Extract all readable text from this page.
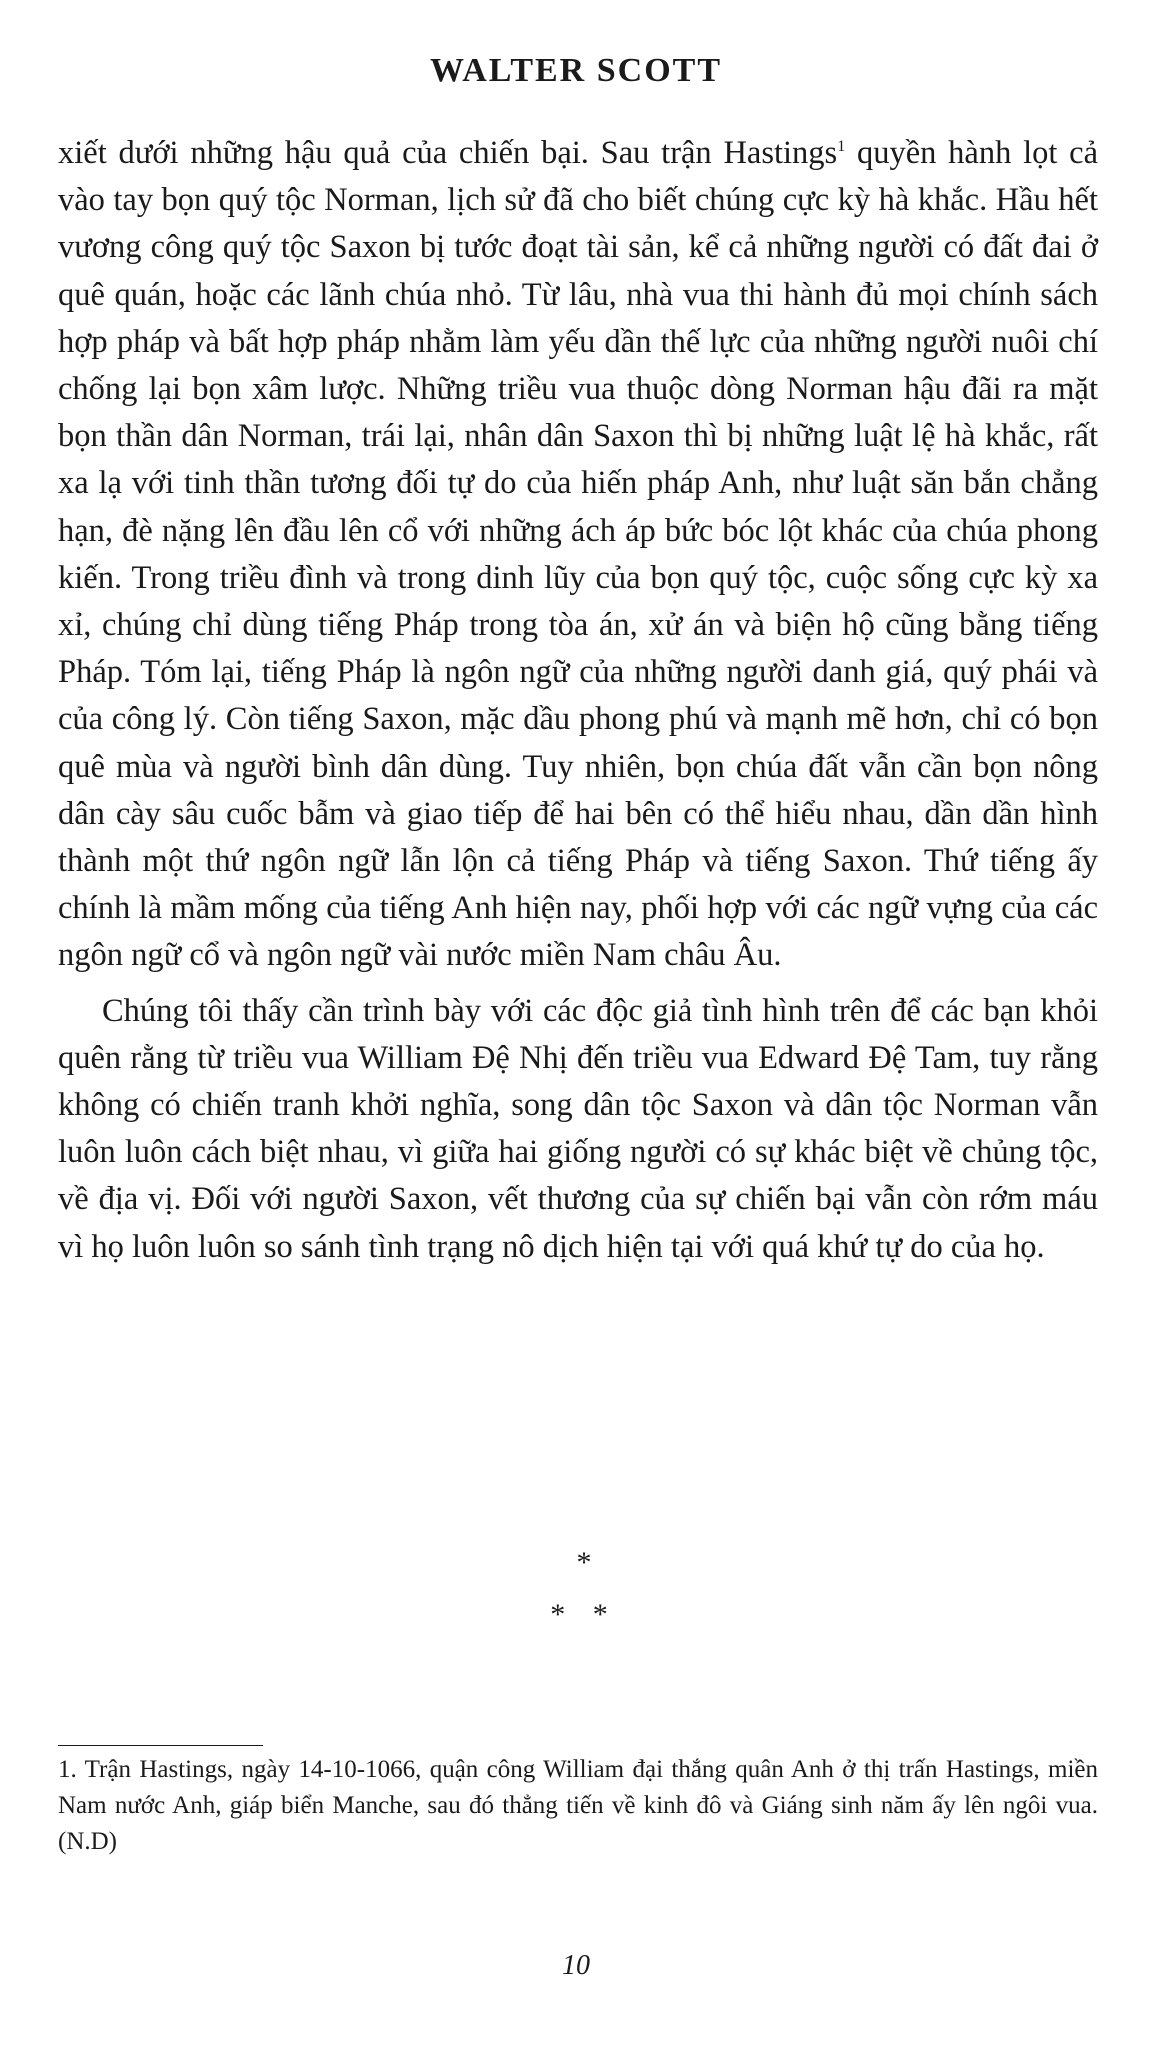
WALTER SCOTT

xiết dưới những hậu quả của chiến bại. Sau trận Hastings$^1$ quyền hành lọt cả vào tay bọn quý tộc Norman, lịch sử đã cho biết chúng cực kỳ hà khắc. Hầu hết vương công quý tộc Saxon bị tước đoạt tài sản, kể cả những người có đất đai ở quê quán, hoặc các lãnh chúa nhỏ. Từ lâu, nhà vua thi hành đủ mọi chính sách hợp pháp và bất hợp pháp nhằm làm yếu dần thế lực của những người nuôi chí chống lại bọn xâm lược. Những triều vua thuộc dòng Norman hậu đãi ra mặt bọn thần dân Norman, trái lại, nhân dân Saxon thì bị những luật lệ hà khắc, rất xa lạ với tinh thần tương đối tự do của hiến pháp Anh, như luật săn bắn chẳng hạn, đè nặng lên đầu lên cổ với những ách áp bức bóc lột khác của chúa phong kiến. Trong triều đình và trong dinh lũy của bọn quý tộc, cuộc sống cực kỳ xa xỉ, chúng chỉ dùng tiếng Pháp trong tòa án, xử án và biện hộ cũng bằng tiếng Pháp. Tóm lại, tiếng Pháp là ngôn ngữ của những người danh giá, quý phái và của công lý. Còn tiếng Saxon, mặc dầu phong phú và mạnh mẽ hơn, chỉ có bọn quê mùa và người bình dân dùng. Tuy nhiên, bọn chúa đất vẫn cần bọn nông dân cày sâu cuốc bẫm và giao tiếp để hai bên có thể hiểu nhau, dần dần hình thành một thứ ngôn ngữ lẫn lộn cả tiếng Pháp và tiếng Saxon. Thứ tiếng ấy chính là mầm mống của tiếng Anh hiện nay, phối hợp với các ngữ vựng của các ngôn ngữ cổ và ngôn ngữ vài nước miền Nam châu Âu.

Chúng tôi thấy cần trình bày với các độc giả tình hình trên để các bạn khỏi quên rằng từ triều vua William Đệ Nhị đến triều vua Edward Đệ Tam, tuy rằng không có chiến tranh khởi nghĩa, song dân tộc Saxon và dân tộc Norman vẫn luôn luôn cách biệt nhau, vì giữa hai giống người có sự khác biệt về chủng tộc, về địa vị. Đối với người Saxon, vết thương của sự chiến bại vẫn còn rớm máu vì họ luôn luôn so sánh tình trạng nô dịch hiện tại với quá khứ tự do của họ.

*
* *

1. Trận Hastings, ngày 14-10-1066, quận công William đại thắng quân Anh ở thị trấn Hastings, miền Nam nước Anh, giáp biển Manche, sau đó thẳng tiến về kinh đô và Giáng sinh năm ấy lên ngôi vua. (N.D)

10
